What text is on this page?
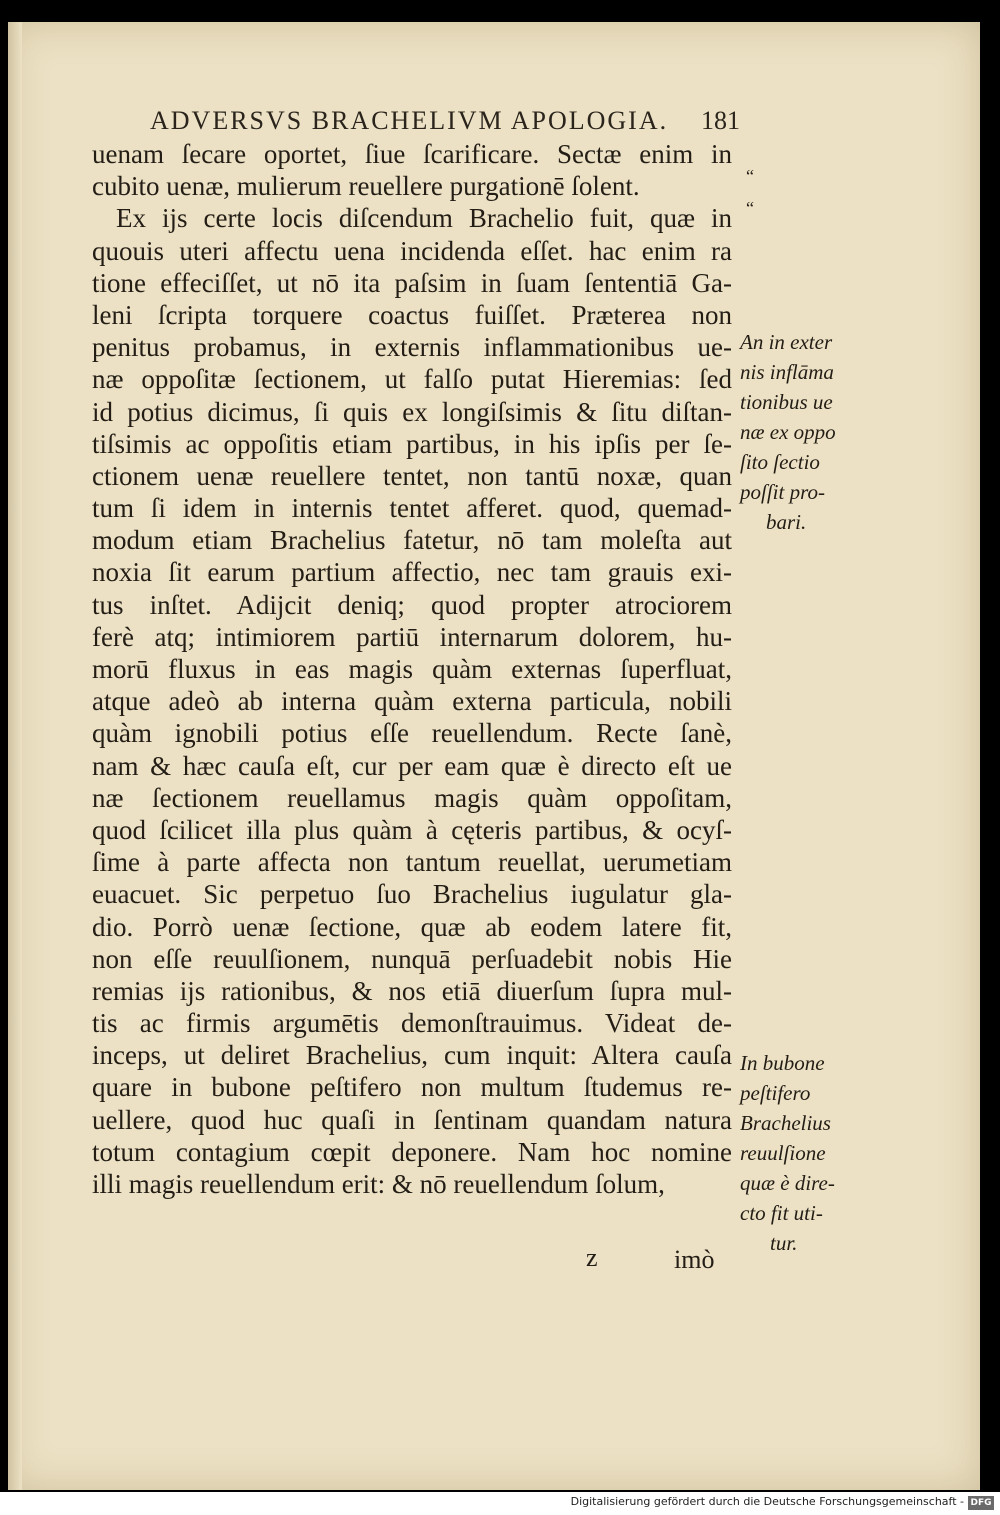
ADVERSVS BRACHELIVM APOLOGIA. 181
uenam ſecare oportet, ſiue ſcarificare. Sectæ enim in
cubito uenæ, mulierum reuellere purgationē ſolent.
Ex ijs certe locis diſcendum Brachelio fuit, quæ in
quouis uteri affectu uena incidenda eſſet. hac enim ra
tione effeciſſet, ut nō ita paſsim in ſuam ſententiā Ga-
leni ſcripta torquere coactus fuiſſet. Præterea non
penitus probamus, in externis inflammationibus ue-
næ oppoſitæ ſectionem, ut falſo putat Hieremias: ſed
id potius dicimus, ſi quis ex longiſsimis & ſitu diſtan-
tiſsimis ac oppoſitis etiam partibus, in his ipſis per ſe-
ctionem uenæ reuellere tentet, non tantū noxæ, quan
tum ſi idem in internis tentet afferet. quod, quemad-
modum etiam Brachelius fatetur, nō tam moleſta aut
noxia ſit earum partium affectio, nec tam grauis exi-
tus inſtet. Adijcit deniq; quod propter atrociorem
ferè atq; intimiorem partiū internarum dolorem, hu-
morū fluxus in eas magis quàm externas ſuperfluat,
atque adeò ab interna quàm externa particula, nobili
quàm ignobili potius eſſe reuellendum. Recte ſanè,
nam & hæc cauſa eſt, cur per eam quæ è directo eſt ue
næ ſectionem reuellamus magis quàm oppoſitam,
quod ſcilicet illa plus quàm à cęteris partibus, & ocyſ-
ſime à parte affecta non tantum reuellat, uerumetiam
euacuet. Sic perpetuo ſuo Brachelius iugulatur gla-
dio. Porrò uenæ ſectione, quæ ab eodem latere fit,
non eſſe reuulſionem, nunquā perſuadebit nobis Hie
remias ijs rationibus, & nos etiā diuerſum ſupra mul-
tis ac firmis argumētis demonſtrauimus. Videat de-
inceps, ut deliret Brachelius, cum inquit: Altera cauſa
quare in bubone peſtifero non multum ſtudemus re-
uellere, quod huc quaſi in ſentinam quandam natura
totum contagium cœpit deponere. Nam hoc nomine
illi magis reuellendum erit: & nō reuellendum ſolum,
“
“
An in exter
nis inflāma
tionibus ue
næ ex oppo
ſito ſectio
poſſit pro-
bari.
In bubone
peſtifero
Brachelius
reuulſione
quæ è dire-
cto fit uti-
tur.
z	imò
Digitalisierung gefördert durch die Deutsche Forschungsgemeinschaft - DFG
